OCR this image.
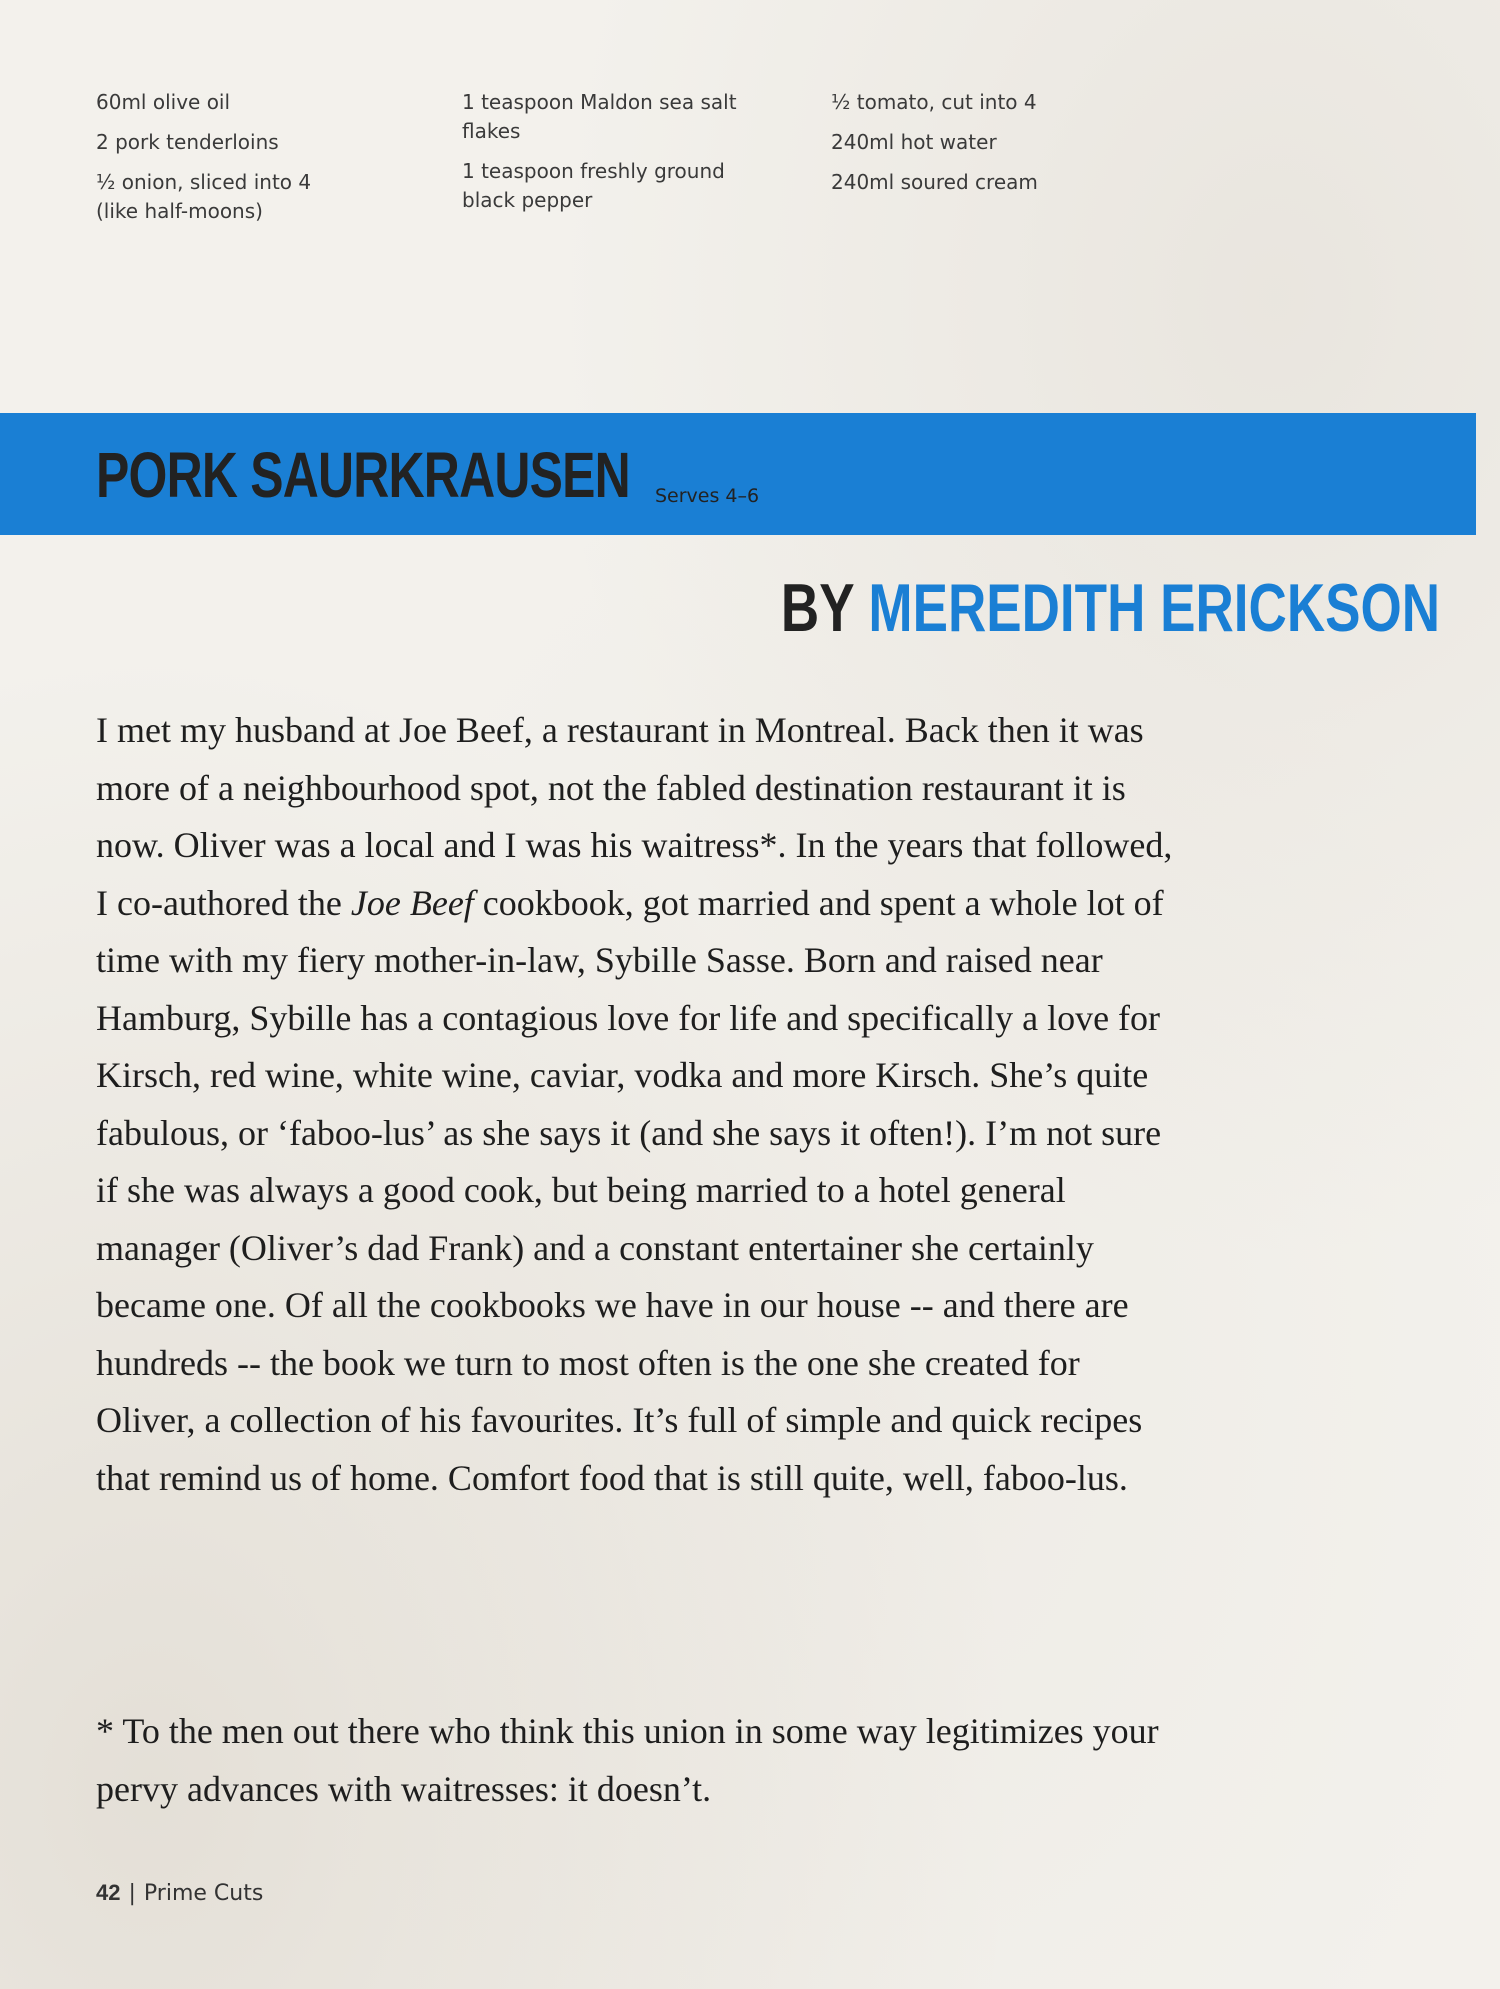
60ml olive oil
2 pork tenderloins
½ onion, sliced into 4 (like half-moons)
1 teaspoon Maldon sea salt flakes
1 teaspoon freshly ground black pepper
½ tomato, cut into 4
240ml hot water
240ml soured cream
PORK SAURKRAUSEN Serves 4–6
BY MEREDITH ERICKSON

I met my husband at Joe Beef, a restaurant in Montreal. Back then it was more of a neighbourhood spot, not the fabled destination restaurant it is now. Oliver was a local and I was his waitress*. In the years that followed, I co-authored the Joe Beef cookbook, got married and spent a whole lot of time with my fiery mother-in-law, Sybille Sasse. Born and raised near Hamburg, Sybille has a contagious love for life and specifically a love for Kirsch, red wine, white wine, caviar, vodka and more Kirsch. She’s quite fabulous, or ‘faboo-lus’ as she says it (and she says it often!). I’m not sure if she was always a good cook, but being married to a hotel general manager (Oliver’s dad Frank) and a constant entertainer she certainly became one. Of all the cookbooks we have in our house -- and there are hundreds -- the book we turn to most often is the one she created for Oliver, a collection of his favourites. It’s full of simple and quick recipes that remind us of home. Comfort food that is still quite, well, faboo-lus.

* To the men out there who think this union in some way legitimizes your pervy advances with waitresses: it doesn’t.

42 | Prime Cuts
